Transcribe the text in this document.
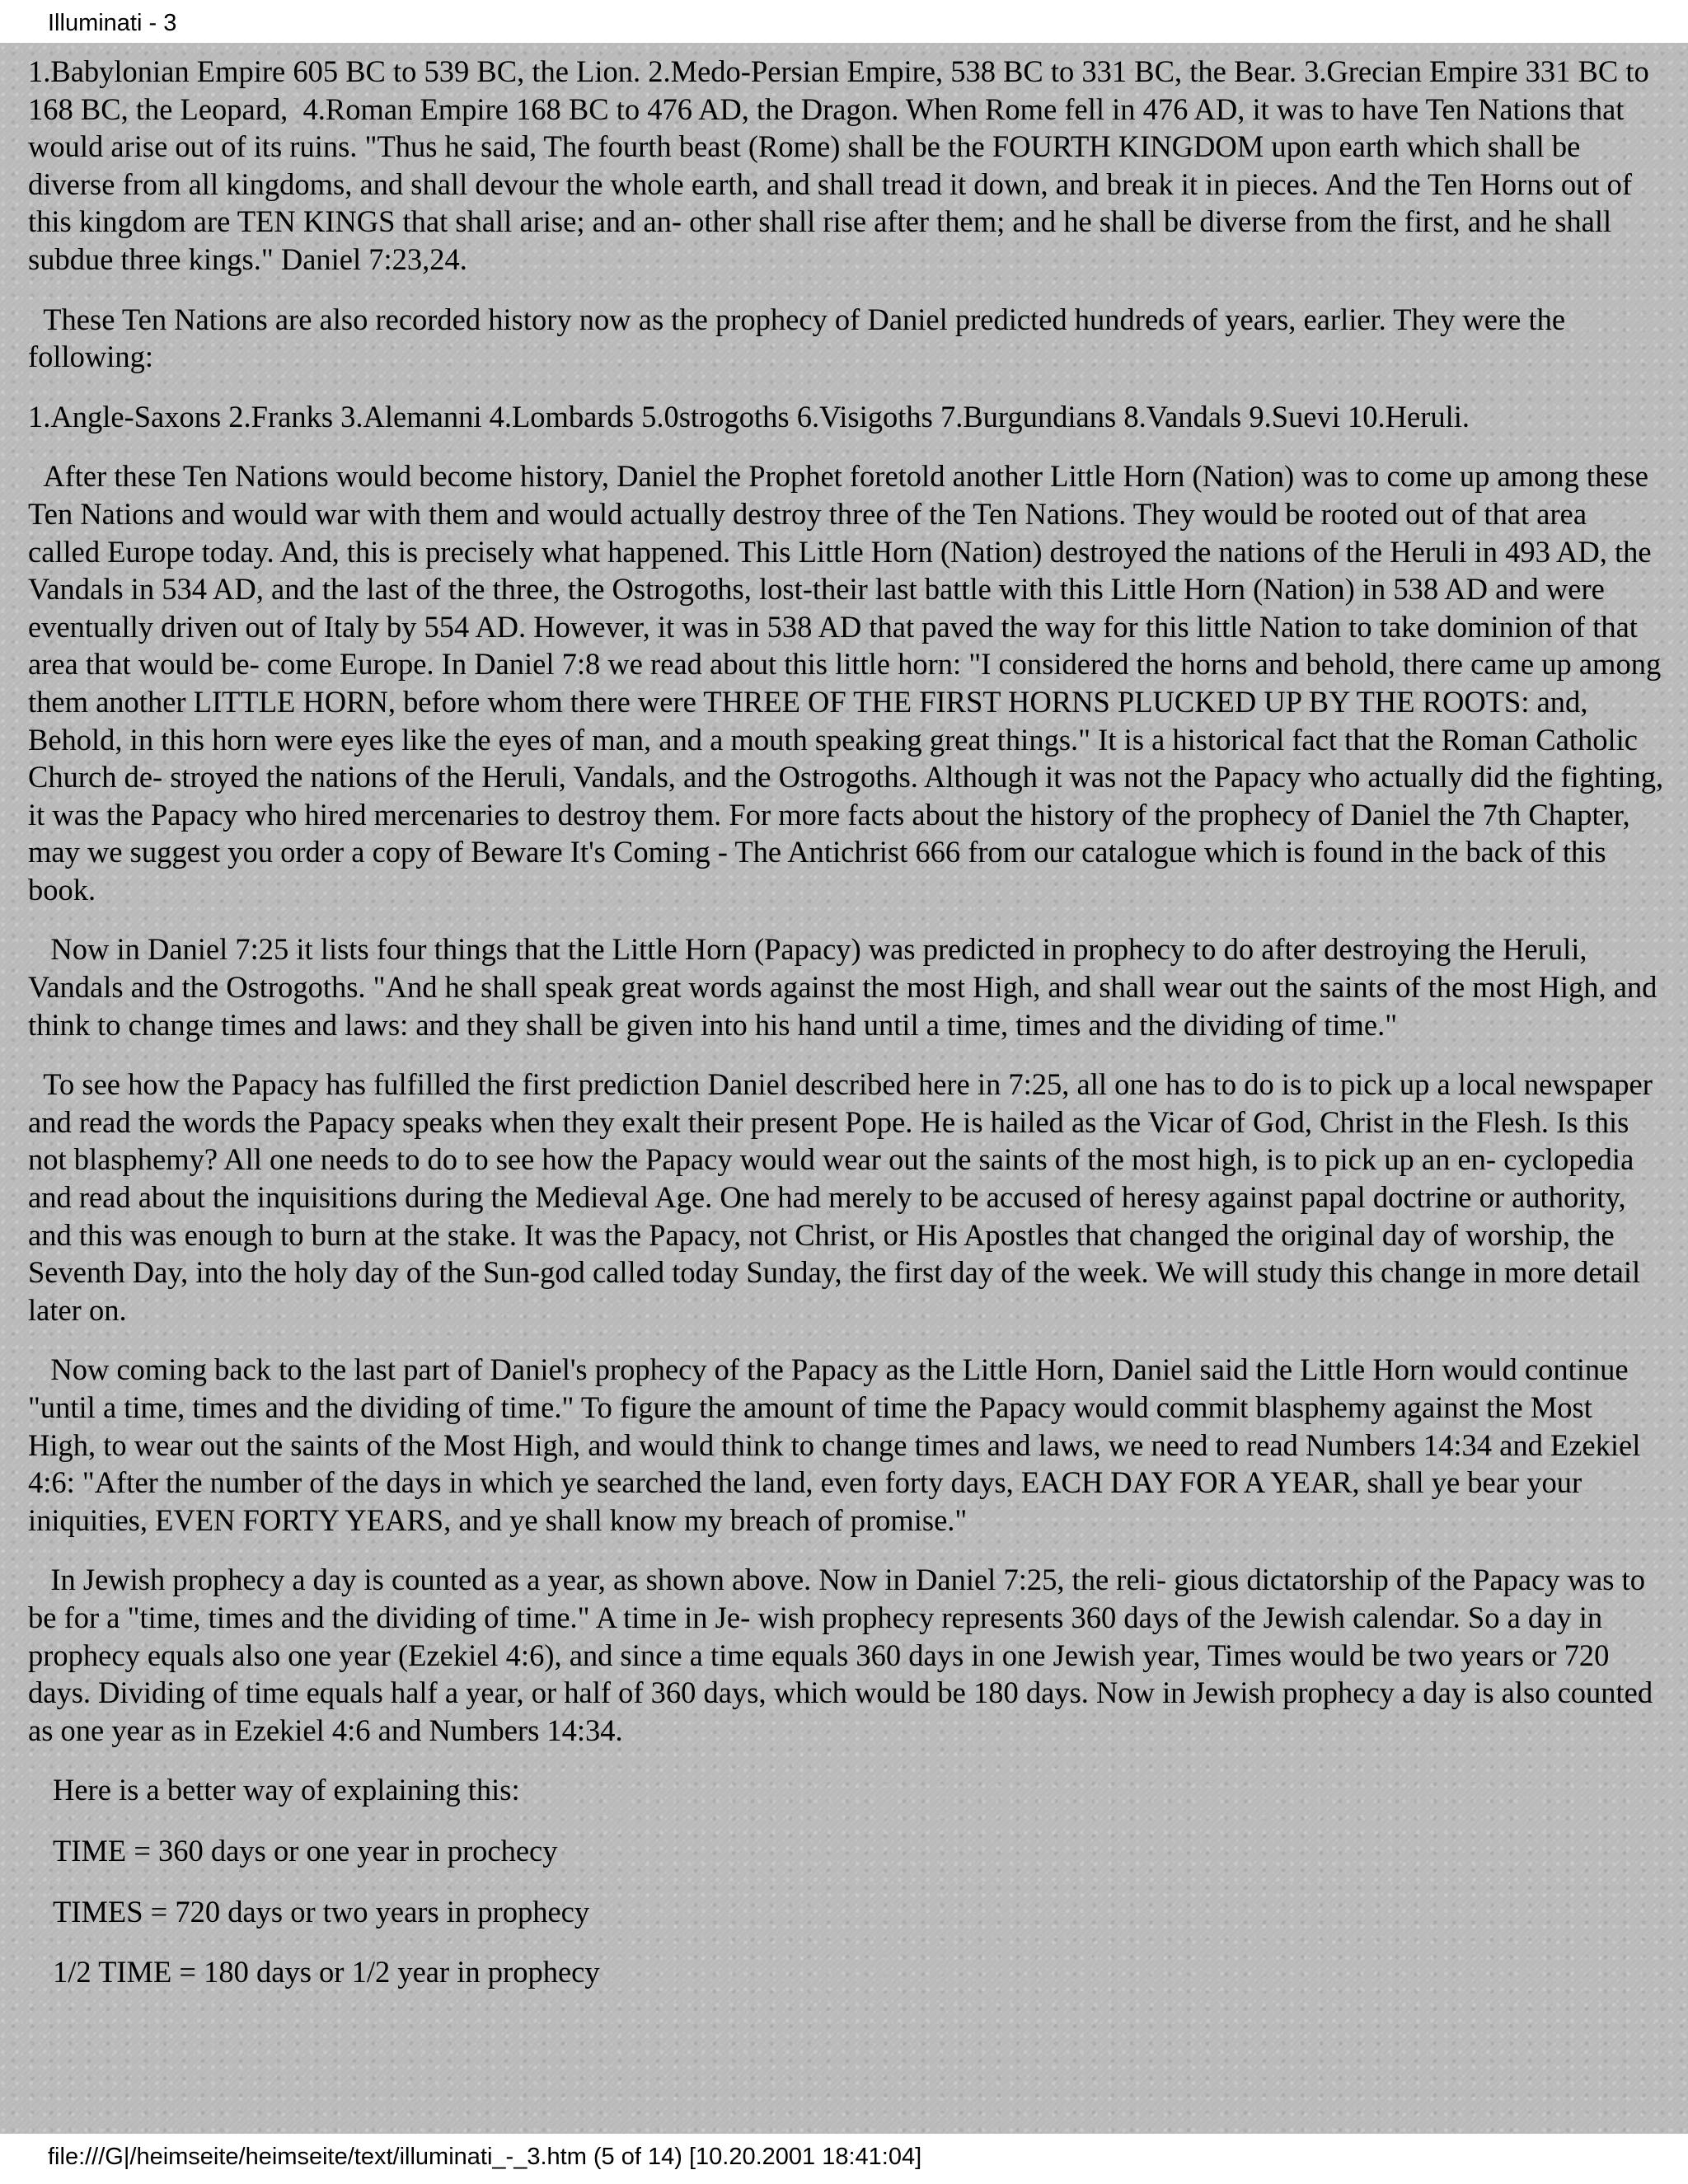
Illuminati - 3

1.Babylonian Empire 605 BC to 539 BC, the Lion. 2.Medo-Persian Empire, 538 BC to 331 BC, the Bear. 3.Grecian Empire 331 BC to 168 BC, the Leopard,  4.Roman Empire 168 BC to 476 AD, the Dragon. When Rome fell in 476 AD, it was to have Ten Nations that would arise out of its ruins. "Thus he said, The fourth beast (Rome) shall be the FOURTH KINGDOM upon earth which shall be diverse from all kingdoms, and shall devour the whole earth, and shall tread it down, and break it in pieces. And the Ten Horns out of this kingdom are TEN KINGS that shall arise; and an- other shall rise after them; and he shall be diverse from the first, and he shall subdue three kings." Daniel 7:23,24.

These Ten Nations are also recorded history now as the prophecy of Daniel predicted hundreds of years, earlier. They were the following:

1.Angle-Saxons 2.Franks 3.Alemanni 4.Lombards 5.0strogoths 6.Visigoths 7.Burgundians 8.Vandals 9.Suevi 10.Heruli.

After these Ten Nations would become history, Daniel the Prophet foretold another Little Horn (Nation) was to come up among these Ten Nations and would war with them and would actually destroy three of the Ten Nations. They would be rooted out of that area called Europe today. And, this is precisely what happened. This Little Horn (Nation) destroyed the nations of the Heruli in 493 AD, the Vandals in 534 AD, and the last of the three, the Ostrogoths, lost-their last battle with this Little Horn (Nation) in 538 AD and were eventually driven out of Italy by 554 AD. However, it was in 538 AD that paved the way for this little Nation to take dominion of that area that would be- come Europe. In Daniel 7:8 we read about this little horn: "I considered the horns and behold, there came up among them another LITTLE HORN, before whom there were THREE OF THE FIRST HORNS PLUCKED UP BY THE ROOTS: and, Behold, in this horn were eyes like the eyes of man, and a mouth speaking great things." It is a historical fact that the Roman Catholic Church de- stroyed the nations of the Heruli, Vandals, and the Ostrogoths. Although it was not the Papacy who actually did the fighting, it was the Papacy who hired mercenaries to destroy them. For more facts about the history of the prophecy of Daniel the 7th Chapter, may we suggest you order a copy of Beware It's Coming - The Antichrist 666 from our catalogue which is found in the back of this book.

Now in Daniel 7:25 it lists four things that the Little Horn (Papacy) was predicted in prophecy to do after destroying the Heruli, Vandals and the Ostrogoths. "And he shall speak great words against the most High, and shall wear out the saints of the most High, and think to change times and laws: and they shall be given into his hand until a time, times and the dividing of time."

To see how the Papacy has fulfilled the first prediction Daniel described here in 7:25, all one has to do is to pick up a local newspaper and read the words the Papacy speaks when they exalt their present Pope. He is hailed as the Vicar of God, Christ in the Flesh. Is this not blasphemy? All one needs to do to see how the Papacy would wear out the saints of the most high, is to pick up an en- cyclopedia and read about the inquisitions during the Medieval Age. One had merely to be accused of heresy against papal doctrine or authority, and this was enough to burn at the stake. It was the Papacy, not Christ, or His Apostles that changed the original day of worship, the Seventh Day, into the holy day of the Sun-god called today Sunday, the first day of the week. We will study this change in more detail later on.

Now coming back to the last part of Daniel's prophecy of the Papacy as the Little Horn, Daniel said the Little Horn would continue "until a time, times and the dividing of time." To figure the amount of time the Papacy would commit blasphemy against the Most High, to wear out the saints of the Most High, and would think to change times and laws, we need to read Numbers 14:34 and Ezekiel 4:6: "After the number of the days in which ye searched the land, even forty days, EACH DAY FOR A YEAR, shall ye bear your iniquities, EVEN FORTY YEARS, and ye shall know my breach of promise."

In Jewish prophecy a day is counted as a year, as shown above. Now in Daniel 7:25, the reli- gious dictatorship of the Papacy was to be for a "time, times and the dividing of time." A time in Je- wish prophecy represents 360 days of the Jewish calendar. So a day in prophecy equals also one year (Ezekiel 4:6), and since a time equals 360 days in one Jewish year, Times would be two years or 720 days. Dividing of time equals half a year, or half of 360 days, which would be 180 days. Now in Jewish prophecy a day is also counted as one year as in Ezekiel 4:6 and Numbers 14:34.

Here is a better way of explaining this:

TIME = 360 days or one year in prochecy

TIMES = 720 days or two years in prophecy

1/2 TIME = 180 days or 1/2 year in prophecy

file:///G|/heimseite/heimseite/text/illuminati_-_3.htm (5 of 14) [10.20.2001 18:41:04]
